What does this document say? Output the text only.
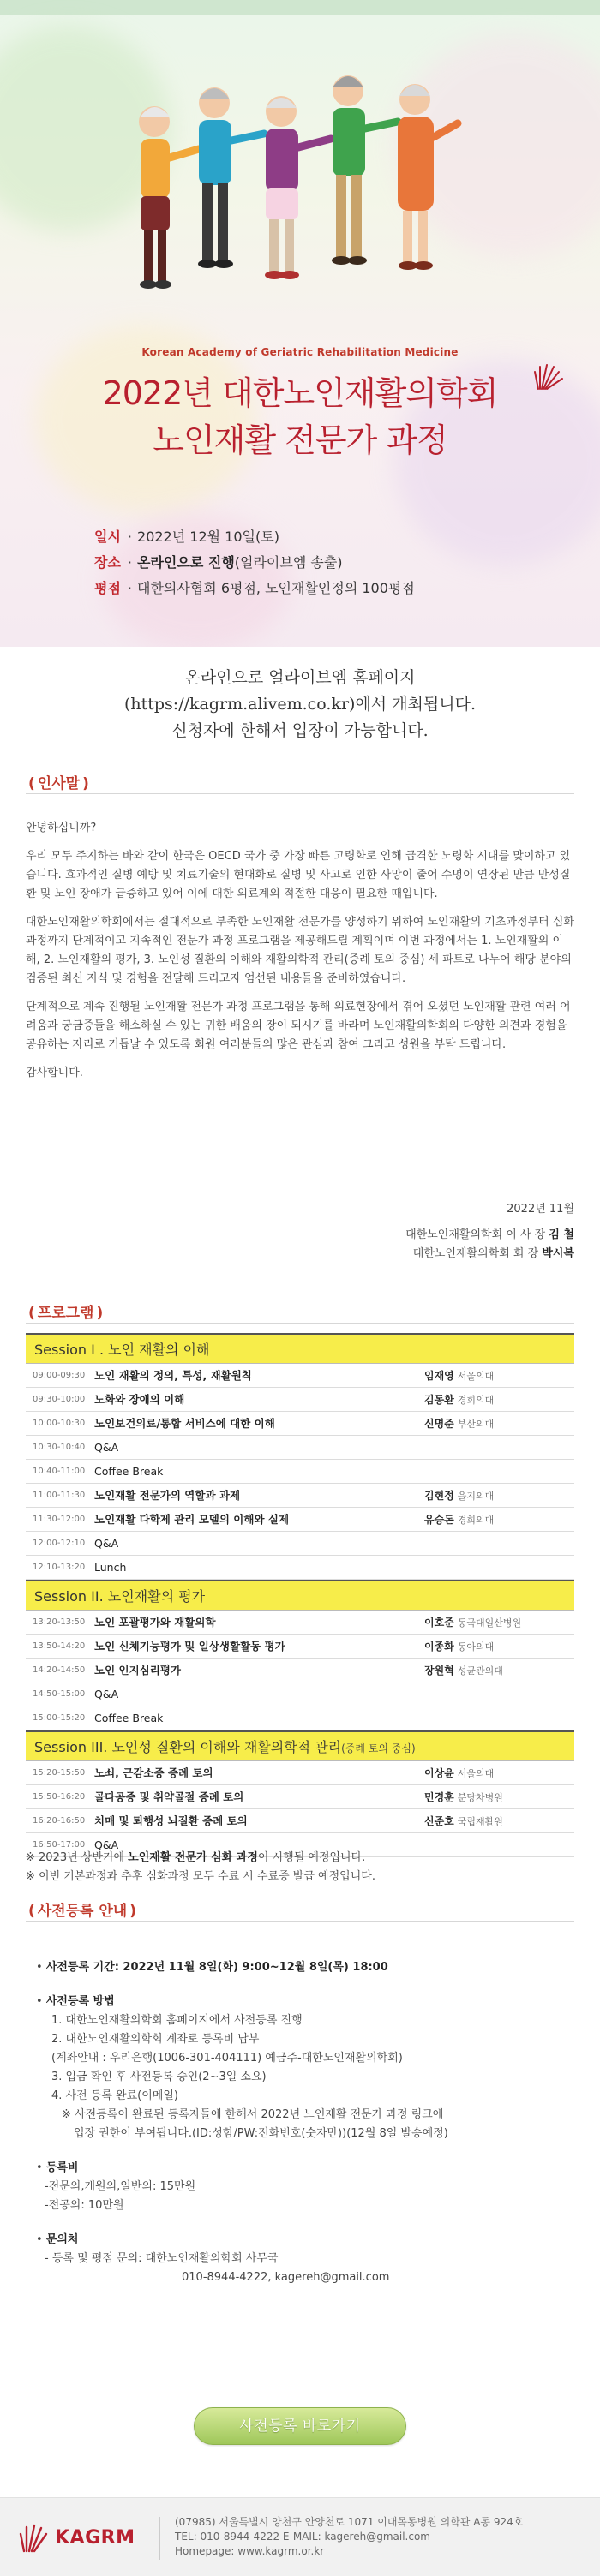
Korean Academy of Geriatric Rehabilitation Medicine
2022년 대한노인재활의학회
노인재활 전문가 과정
일시 · 2022년 12월 10일(토)
장소 · 온라인으로 진행(얼라이브엠 송출)
평점 · 대한의사협회 6평점, 노인재활인정의 100평점
온라인으로 얼라이브엠 홈페이지
(https://kagrm.alivem.co.kr)에서 개최됩니다.
신청자에 한해서 입장이 가능합니다.
( 인사말 )

안녕하십니까?

우리 모두 주지하는 바와 같이 한국은 OECD 국가 중 가장 빠른 고령화로 인해 급격한 노령화 시대를 맞이하고 있습니다. 효과적인 질병 예방 및 치료기술의 현대화로 질병 및 사고로 인한 사망이 줄어 수명이 연장된 만큼 만성질환 및 노인 장애가 급증하고 있어 이에 대한 의료계의 적절한 대응이 필요한 때입니다.

대한노인재활의학회에서는 절대적으로 부족한 노인재활 전문가를 양성하기 위하여 노인재활의 기초과정부터 심화과정까지 단계적이고 지속적인 전문가 과정 프로그램을 제공해드릴 계획이며 이번 과정에서는 1. 노인재활의 이해, 2. 노인재활의 평가, 3. 노인성 질환의 이해와 재활의학적 관리(증례 토의 중심) 세 파트로 나누어 해당 분야의 검증된 최신 지식 및 경험을 전달해 드리고자 엄선된 내용들을 준비하였습니다.

단계적으로 계속 진행될 노인재활 전문가 과정 프로그램을 통해 의료현장에서 겪어 오셨던 노인재활 관련 여러 어려움과 궁금증들을 해소하실 수 있는 귀한 배움의 장이 되시기를 바라며 노인재활의학회의 다양한 의견과 경험을 공유하는 자리로 거듭날 수 있도록 회원 여러분들의 많은 관심과 참여 그리고 성원을 부탁 드립니다.

감사합니다.

2022년 11월
대한노인재활의학회 이 사 장 김 철
대한노인재활의학회 회 장 박시복
( 프로그램 )
Session I . 노인 재활의 이해
09:00-09:30 노인 재활의 정의, 특성, 재활원칙	임재영 서울의대
09:30-10:00 노화와 장애의 이해	김동환 경희의대
10:00-10:30 노인보건의료/통합 서비스에 대한 이해	신명준 부산의대
10:30-10:40 Q&A
10:40-11:00 Coffee Break
11:00-11:30 노인재활 전문가의 역할과 과제	김현정 을지의대
11:30-12:00 노인재활 다학제 관리 모델의 이해와 실제	유승돈 경희의대
12:00-12:10 Q&A
12:10-13:20 Lunch
Session II. 노인재활의 평가
13:20-13:50 노인 포괄평가와 재활의학	이호준 동국대일산병원
13:50-14:20 노인 신체기능평가 및 일상생활활동 평가	이종화 동아의대
14:20-14:50 노인 인지심리평가	장원혁 성균관의대
14:50-15:00 Q&A
15:00-15:20 Coffee Break
Session III. 노인성 질환의 이해와 재활의학적 관리(증례 토의 중심)
15:20-15:50 노쇠, 근감소증 증례 토의	이상윤 서울의대
15:50-16:20 골다공증 및 취약골절 증례 토의	민경훈 분당차병원
16:20-16:50 치매 및 퇴행성 뇌질환 증례 토의	신준호 국립재활원
16:50-17:00 Q&A
※ 2023년 상반기에 노인재활 전문가 심화 과정이 시행될 예정입니다.
※ 이번 기본과정과 추후 심화과정 모두 수료 시 수료증 발급 예정입니다.
( 사전등록 안내 )
• 사전등록 기간: 2022년 11월 8일(화) 9:00~12월 8일(목) 18:00
• 사전등록 방법
1. 대한노인재활의학회 홈페이지에서 사전등록 진행
2. 대한노인재활의학회 계좌로 등록비 납부
(계좌안내 : 우리은행(1006-301-404111) 예금주-대한노인재활의학회)
3. 입금 확인 후 사전등록 승인(2~3일 소요)
4. 사전 등록 완료(이메일)
※ 사전등록이 완료된 등록자들에 한해서 2022년 노인재활 전문가 과정 링크에
입장 권한이 부여됩니다.(ID:성함/PW:전화번호(숫자만))(12월 8일 발송예정)
• 등록비
-전문의,개원의,일반의: 15만원
-전공의: 10만원
• 문의처
- 등록 및 평점 문의: 대한노인재활의학회 사무국
010-8944-4222, kagereh@gmail.com
사전등록 바로가기
KAGRM
(07985) 서울특별시 양천구 안양천로 1071 이대목동병원 의학관 A동 924호
TEL: 010-8944-4222 E-MAIL: kagereh@gmail.com
Homepage: www.kagrm.or.kr
